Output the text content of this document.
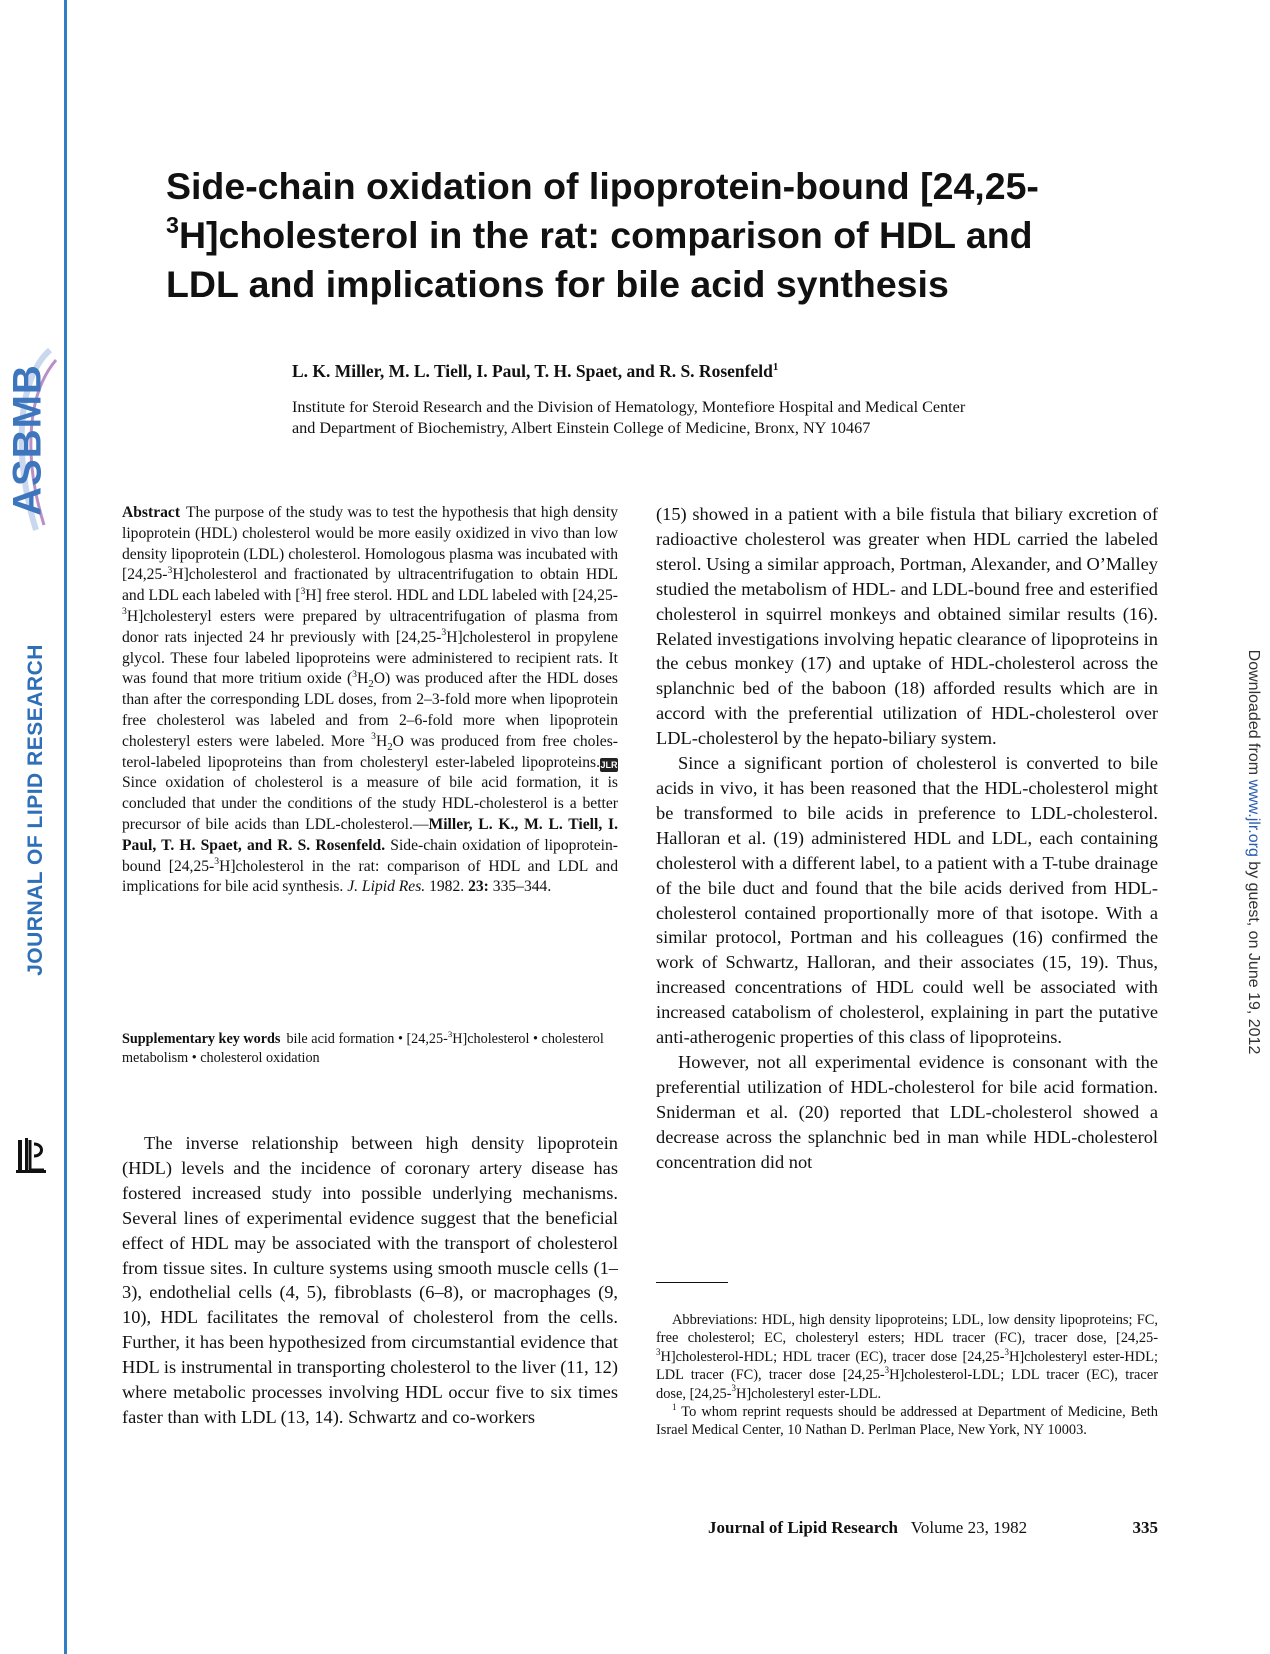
ASBMB
JOURNAL OF LIPID RESEARCH	Downloaded from www.jlr.org by guest, on June 19, 2012
Side-chain oxidation of lipoprotein-bound [24,25-
$^3$H]cholesterol in the rat: comparison of HDL and
LDL and implications for bile acid synthesis
L. K. Miller, M. L. Tiell, I. Paul, T. H. Spaet, and R. S. Rosenfeld$^1$
Institute for Steroid Research and the Division of Hematology, Montefiore Hospital and Medical Center
and Department of Biochemistry, Albert Einstein College of Medicine, Bronx, NY 10467

Abstract The purpose of the study was to test the hypothesis that high density lipoprotein (HDL) cholesterol would be more easily oxidized in vivo than low density lipoprotein (LDL) cholesterol. Homologous plasma was incubated with [24,25-$^3$H]cholesterol and fractionated by ultracentrifugation to obtain HDL and LDL each labeled with [$^3$H] free sterol. HDL and LDL labeled with [24,25-$^3$H]cholesteryl esters were prepared by ultracentrifugation of plasma from donor rats injected 24 hr previously with [24,25-$^3$H]cholesterol in propylene glycol. These four labeled lipoproteins were administered to recipient rats. It was found that more tritium oxide $(^3H_2O)$ was produced after the HDL doses than after the corresponding LDL doses, from 2–3-fold more when lipoprotein free cholesterol was labeled and from 2–6-fold more when lipoprotein cholesteryl esters were labeled. More $^3H_2O$ was produced from free cholesterol-labeled lipoproteins than from cholesteryl ester-labeled lipoproteins.JLR Since oxidation of cholesterol is a measure of bile acid formation, it is concluded that under the conditions of the study HDL-cholesterol is a better precursor of bile acids than LDL-cholesterol.—Miller, L. K., M. L. Tiell, I. Paul, T. H. Spaet, and R. S. Rosenfeld. Side-chain oxidation of lipoprotein-bound [24,25-$^3$H]cholesterol in the rat: comparison of HDL and LDL and implications for bile acid synthesis. J. Lipid Res. 1982. 23: 335–344.

Supplementary key words bile acid formation • [24,25-$^3$H]cholesterol • cholesterol metabolism • cholesterol oxidation

The inverse relationship between high density lipoprotein (HDL) levels and the incidence of coronary artery disease has fostered increased study into possible underlying mechanisms. Several lines of experimental evidence suggest that the beneficial effect of HDL may be associated with the transport of cholesterol from tissue sites. In culture systems using smooth muscle cells (1–3), endothelial cells (4, 5), fibroblasts (6–8), or macrophages (9, 10), HDL facilitates the removal of cholesterol from the cells. Further, it has been hypothesized from circumstantial evidence that HDL is instrumental in transporting cholesterol to the liver (11, 12) where metabolic processes involving HDL occur five to six times faster than with LDL (13, 14). Schwartz and co-workers

(15) showed in a patient with a bile fistula that biliary excretion of radioactive cholesterol was greater when HDL carried the labeled sterol. Using a similar approach, Portman, Alexander, and O’Malley studied the metabolism of HDL- and LDL-bound free and esterified cholesterol in squirrel monkeys and obtained similar results (16). Related investigations involving hepatic clearance of lipoproteins in the cebus monkey (17) and uptake of HDL-cholesterol across the splanchnic bed of the baboon (18) afforded results which are in accord with the preferential utilization of HDL-cholesterol over LDL-cholesterol by the hepato-biliary system.

Since a significant portion of cholesterol is converted to bile acids in vivo, it has been reasoned that the HDL-cholesterol might be transformed to bile acids in preference to LDL-cholesterol. Halloran et al. (19) administered HDL and LDL, each containing cholesterol with a different label, to a patient with a T-tube drainage of the bile duct and found that the bile acids derived from HDL-cholesterol contained proportionally more of that isotope. With a similar protocol, Portman and his colleagues (16) confirmed the work of Schwartz, Halloran, and their associates (15, 19). Thus, increased concentrations of HDL could well be associated with increased catabolism of cholesterol, explaining in part the putative anti-atherogenic properties of this class of lipoproteins.

However, not all experimental evidence is consonant with the preferential utilization of HDL-cholesterol for bile acid formation. Sniderman et al. (20) reported that LDL-cholesterol showed a decrease across the splanchnic bed in man while HDL-cholesterol concentration did not

Abbreviations: HDL, high density lipoproteins; LDL, low density lipoproteins; FC, free cholesterol; EC, cholesteryl esters; HDL tracer (FC), tracer dose, [24,25-$^3$H]cholesterol-HDL; HDL tracer (EC), tracer dose [24,25-$^3$H]cholesteryl ester-HDL; LDL tracer (FC), tracer dose [24,25-$^3$H]cholesterol-LDL; LDL tracer (EC), tracer dose, [24,25-$^3$H]cholesteryl ester-LDL.

$^1$ To whom reprint requests should be addressed at Department of Medicine, Beth Israel Medical Center, 10 Nathan D. Perlman Place, New York, NY 10003.

Journal of Lipid Research Volume 23, 1982	335
